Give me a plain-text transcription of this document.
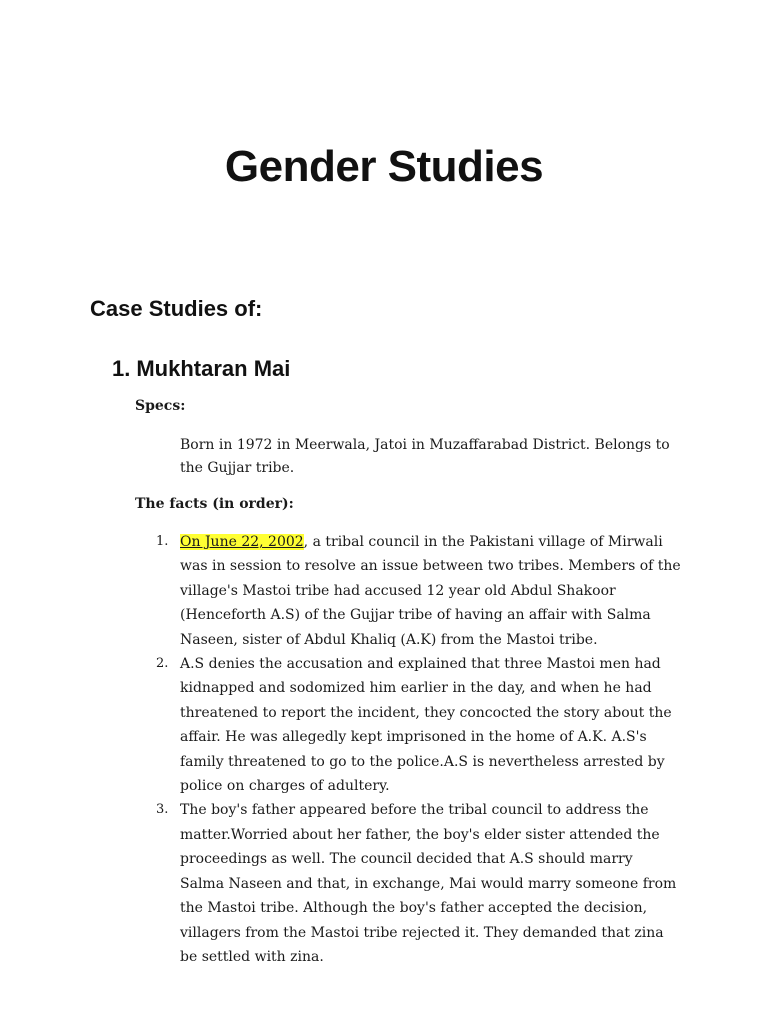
Gender Studies
Case Studies of:
1. Mukhtaran Mai

Specs:

Born in 1972 in Meerwala, Jatoi in Muzaffarabad District. Belongs to the Gujjar tribe.

The facts (in order):

1. On June 22, 2002, a tribal council in the Pakistani village of Mirwali was in session to resolve an issue between two tribes. Members of the village's Mastoi tribe had accused 12 year old Abdul Shakoor (Henceforth A.S) of the Gujjar tribe of having an affair with Salma Naseen, sister of Abdul Khaliq (A.K) from the Mastoi tribe.
2. A.S denies the accusation and explained that three Mastoi men had kidnapped and sodomized him earlier in the day, and when he had threatened to report the incident, they concocted the story about the affair. He was allegedly kept imprisoned in the home of A.K. A.S's family threatened to go to the police.A.S is nevertheless arrested by police on charges of adultery.
3. The boy's father appeared before the tribal council to address the matter.Worried about her father, the boy's elder sister attended the proceedings as well. The council decided that A.S should marry Salma Naseen and that, in exchange, Mai would marry someone from the Mastoi tribe. Although the boy's father accepted the decision, villagers from the Mastoi tribe rejected it. They demanded that zina be settled with zina.
